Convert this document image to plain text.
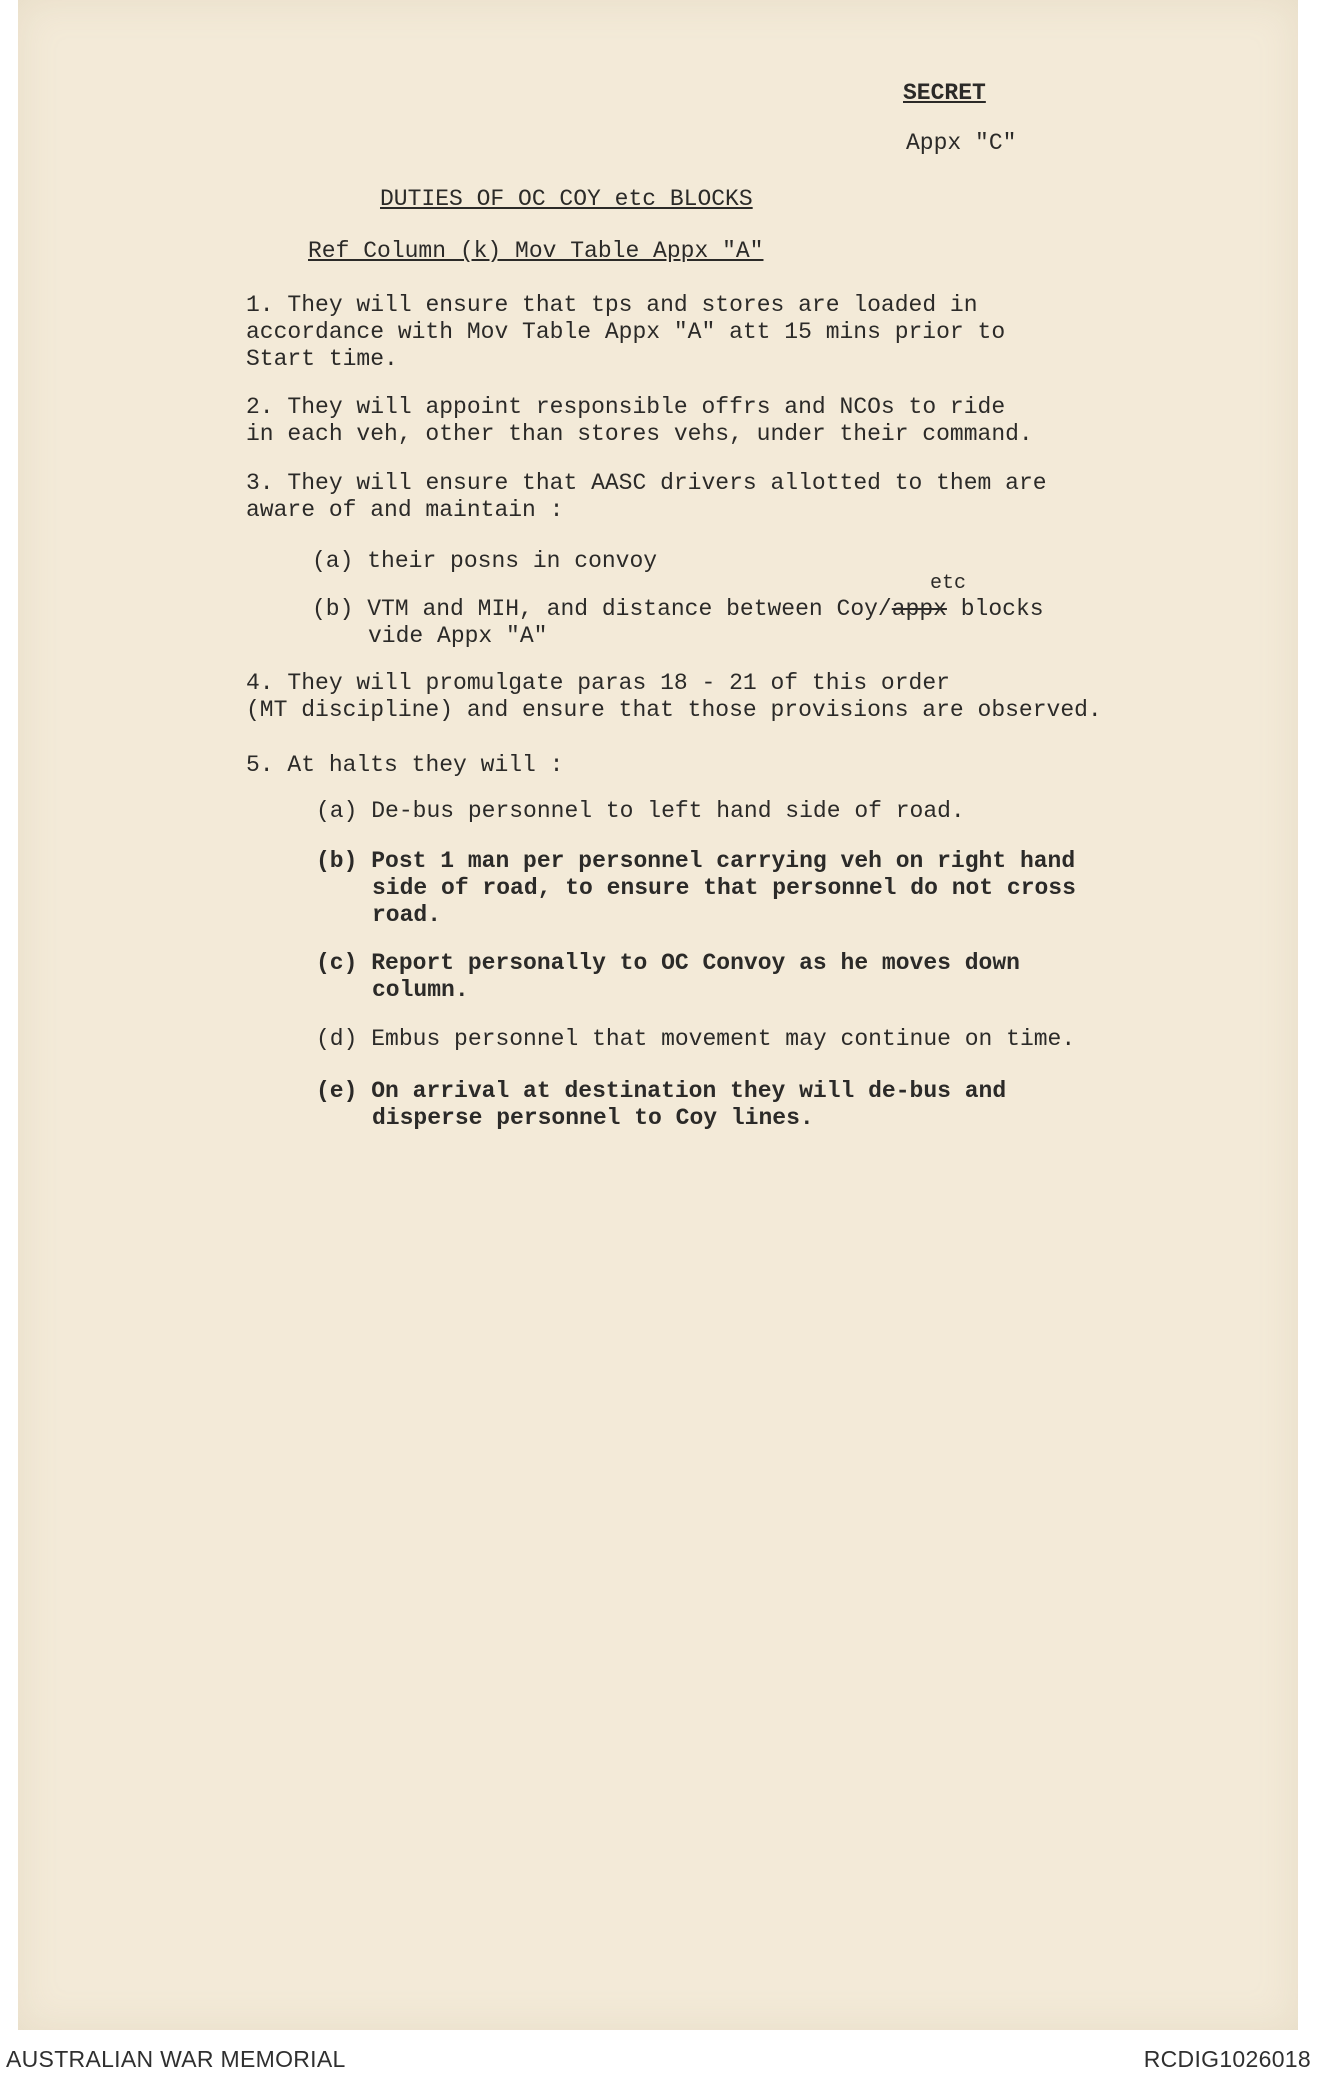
SECRET

Appx "C"

DUTIES OF OC COY etc BLOCKS

Ref Column (k) Mov Table Appx "A"

1. They will ensure that tps and stores are loaded in

accordance with Mov Table Appx "A" att 15 mins prior to

Start time.

2. They will appoint responsible offrs and NCOs to ride

in each veh, other than stores vehs, under their command.

3. They will ensure that AASC drivers allotted to them are

aware of and maintain :

(a) their posns in convoy

etc

(b) VTM and MIH, and distance between Coy/appx blocks

vide Appx "A"

4. They will promulgate paras 18 - 21 of this order

(MT discipline) and ensure that those provisions are observed.

5. At halts they will :

(a) De-bus personnel to left hand side of road.

(b) Post 1 man per personnel carrying veh on right hand

side of road, to ensure that personnel do not cross

road.

(c) Report personally to OC Convoy as he moves down

column.

(d) Embus personnel that movement may continue on time.

(e) On arrival at destination they will de-bus and

disperse personnel to Coy lines.

AUSTRALIAN WAR MEMORIAL	RCDIG1026018
